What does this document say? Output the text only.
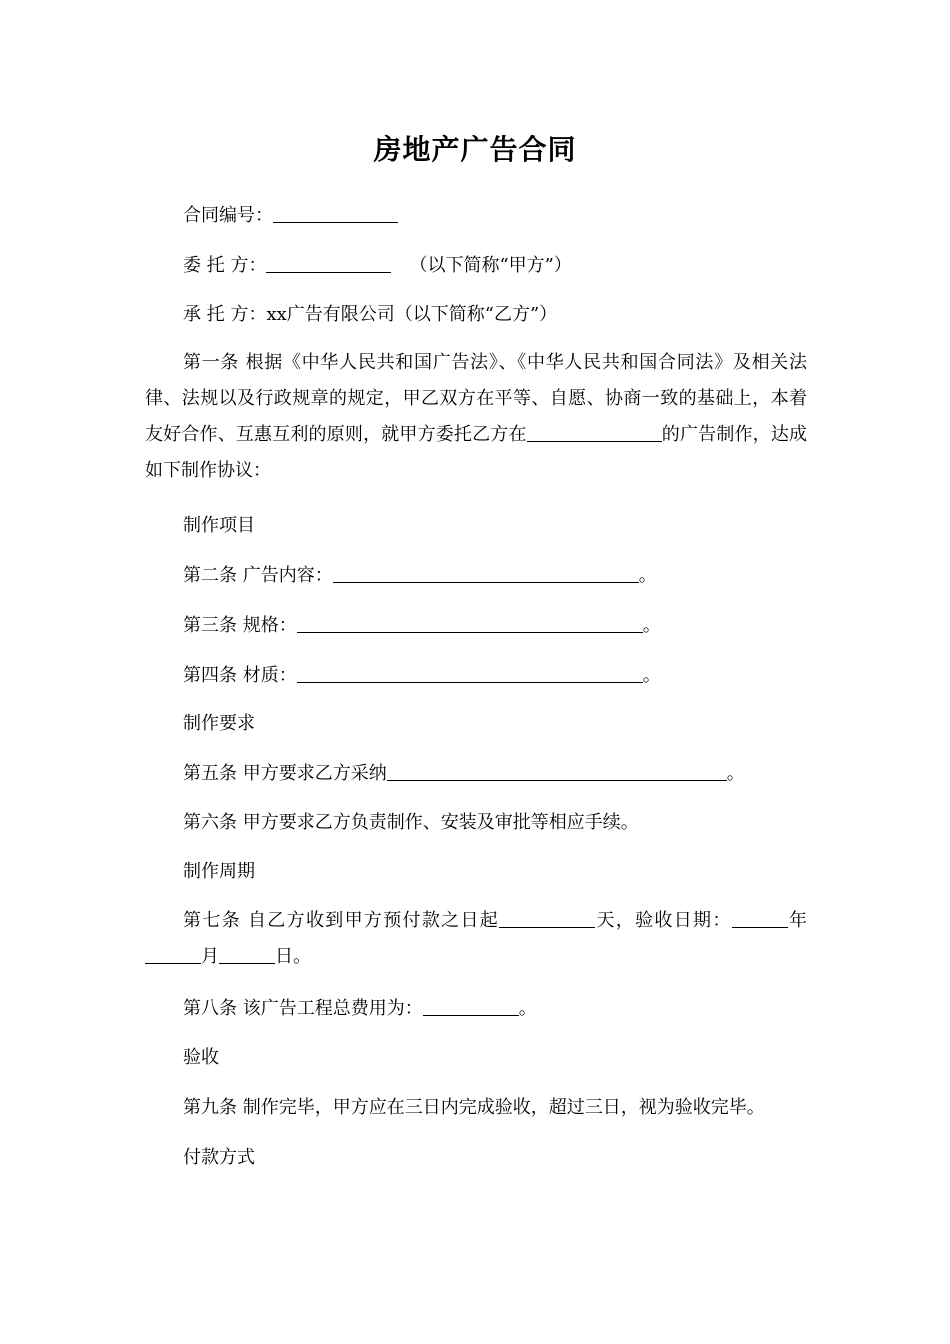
房地产广告合同
合同编号：
委 托 方：	（以下简称“甲方”）
承 托 方：xx广告有限公司（以下简称“乙方”）
第一条 根据《中华人民共和国广告法》、《中华人民共和国合同法》及相关法律、法规以及行政规章的规定，甲乙双方在平等、自愿、协商一致的基础上，本着友好合作、互惠互利的原则，就甲方委托乙方在	的广告制作，达成如下制作协议：
制作项目
第二条 广告内容：	。
第三条 规格：	。
第四条 材质：	。
制作要求
第五条 甲方要求乙方采纳	。
第六条 甲方要求乙方负责制作、安装及审批等相应手续。
制作周期
第七条 自乙方收到甲方预付款之日起	天，验收日期：	年月	日。
第八条 该广告工程总费用为：	。
验收
第九条 制作完毕，甲方应在三日内完成验收，超过三日，视为验收完毕。
付款方式
